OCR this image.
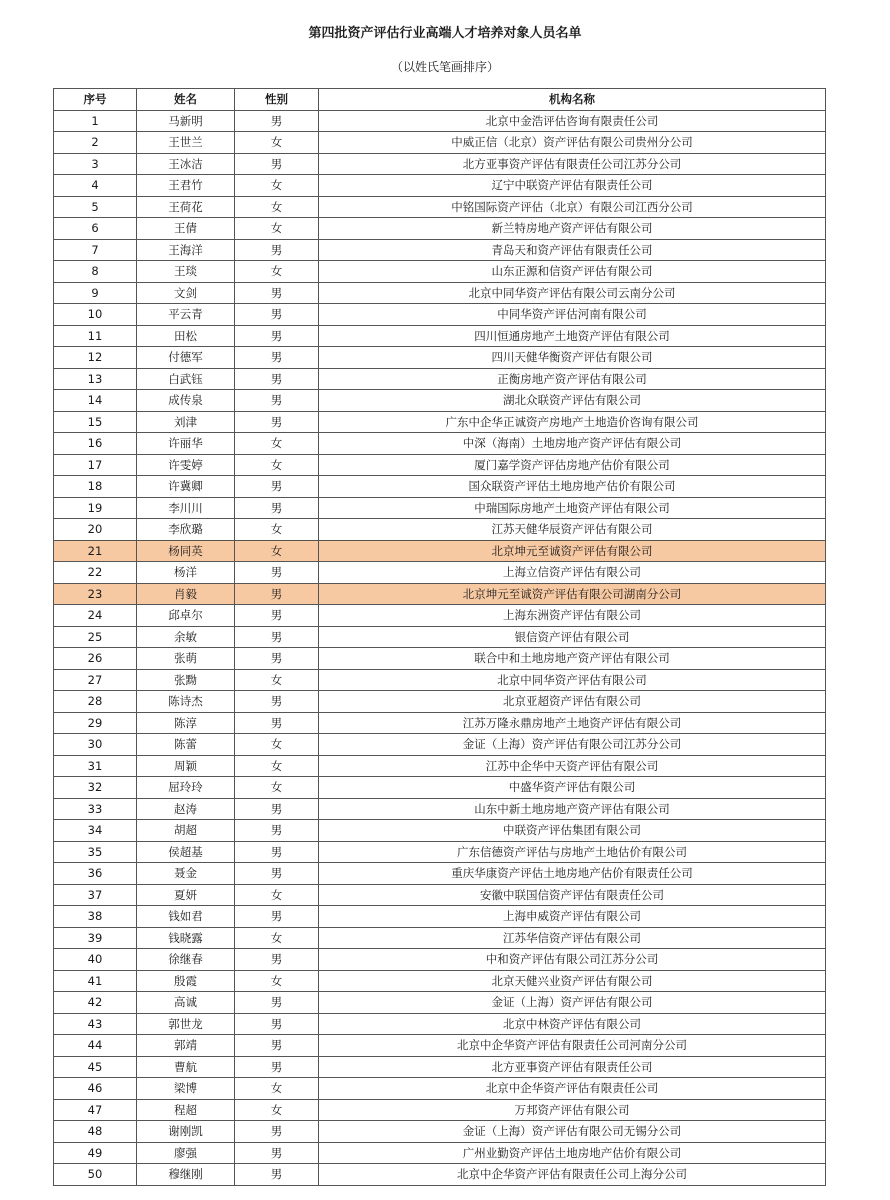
第四批资产评估行业高端人才培养对象人员名单
（以姓氏笔画排序）
序号	姓名	性别	机构名称
1	马新明	男	北京中金浩评估咨询有限责任公司
2	王世兰	女	中威正信（北京）资产评估有限公司贵州分公司
3	王冰洁	男	北方亚事资产评估有限责任公司江苏分公司
4	王君竹	女	辽宁中联资产评估有限责任公司
5	王荷花	女	中铭国际资产评估（北京）有限公司江西分公司
6	王倩	女	新兰特房地产资产评估有限公司
7	王海洋	男	青岛天和资产评估有限责任公司
8	王琰	女	山东正源和信资产评估有限公司
9	文剑	男	北京中同华资产评估有限公司云南分公司
10	平云青	男	中同华资产评估河南有限公司
11	田松	男	四川恒通房地产土地资产评估有限公司
12	付德军	男	四川天健华衡资产评估有限公司
13	白武钰	男	正衡房地产资产评估有限公司
14	成传泉	男	湖北众联资产评估有限公司
15	刘津	男	广东中企华正诚资产房地产土地造价咨询有限公司
16	许丽华	女	中深（海南）土地房地产资产评估有限公司
17	许雯婷	女	厦门嘉学资产评估房地产估价有限公司
18	许冀卿	男	国众联资产评估土地房地产估价有限公司
19	李川川	男	中瑞国际房地产土地资产评估有限公司
20	李欣璐	女	江苏天健华辰资产评估有限公司
21	杨同英	女	北京坤元至诚资产评估有限公司
22	杨洋	男	上海立信资产评估有限公司
23	肖毅	男	北京坤元至诚资产评估有限公司湖南分公司
24	邱卓尔	男	上海东洲资产评估有限公司
25	余敏	男	银信资产评估有限公司
26	张萌	男	联合中和土地房地产资产评估有限公司
27	张黝	女	北京中同华资产评估有限公司
28	陈诗杰	男	北京亚超资产评估有限公司
29	陈淳	男	江苏万隆永鼎房地产土地资产评估有限公司
30	陈蕾	女	金证（上海）资产评估有限公司江苏分公司
31	周颖	女	江苏中企华中天资产评估有限公司
32	屈玲玲	女	中盛华资产评估有限公司
33	赵涛	男	山东中新土地房地产资产评估有限公司
34	胡超	男	中联资产评估集团有限公司
35	侯超基	男	广东信德资产评估与房地产土地估价有限公司
36	聂金	男	重庆华康资产评估土地房地产估价有限责任公司
37	夏妍	女	安徽中联国信资产评估有限责任公司
38	钱如君	男	上海申威资产评估有限公司
39	钱晓露	女	江苏华信资产评估有限公司
40	徐继春	男	中和资产评估有限公司江苏分公司
41	殷霞	女	北京天健兴业资产评估有限公司
42	高诚	男	金证（上海）资产评估有限公司
43	郭世龙	男	北京中林资产评估有限公司
44	郭靖	男	北京中企华资产评估有限责任公司河南分公司
45	曹航	男	北方亚事资产评估有限责任公司
46	梁博	女	北京中企华资产评估有限责任公司
47	程超	女	万邦资产评估有限公司
48	谢刚凯	男	金证（上海）资产评估有限公司无锡分公司
49	廖强	男	广州业勤资产评估土地房地产估价有限公司
50	穆继刚	男	北京中企华资产评估有限责任公司上海分公司
